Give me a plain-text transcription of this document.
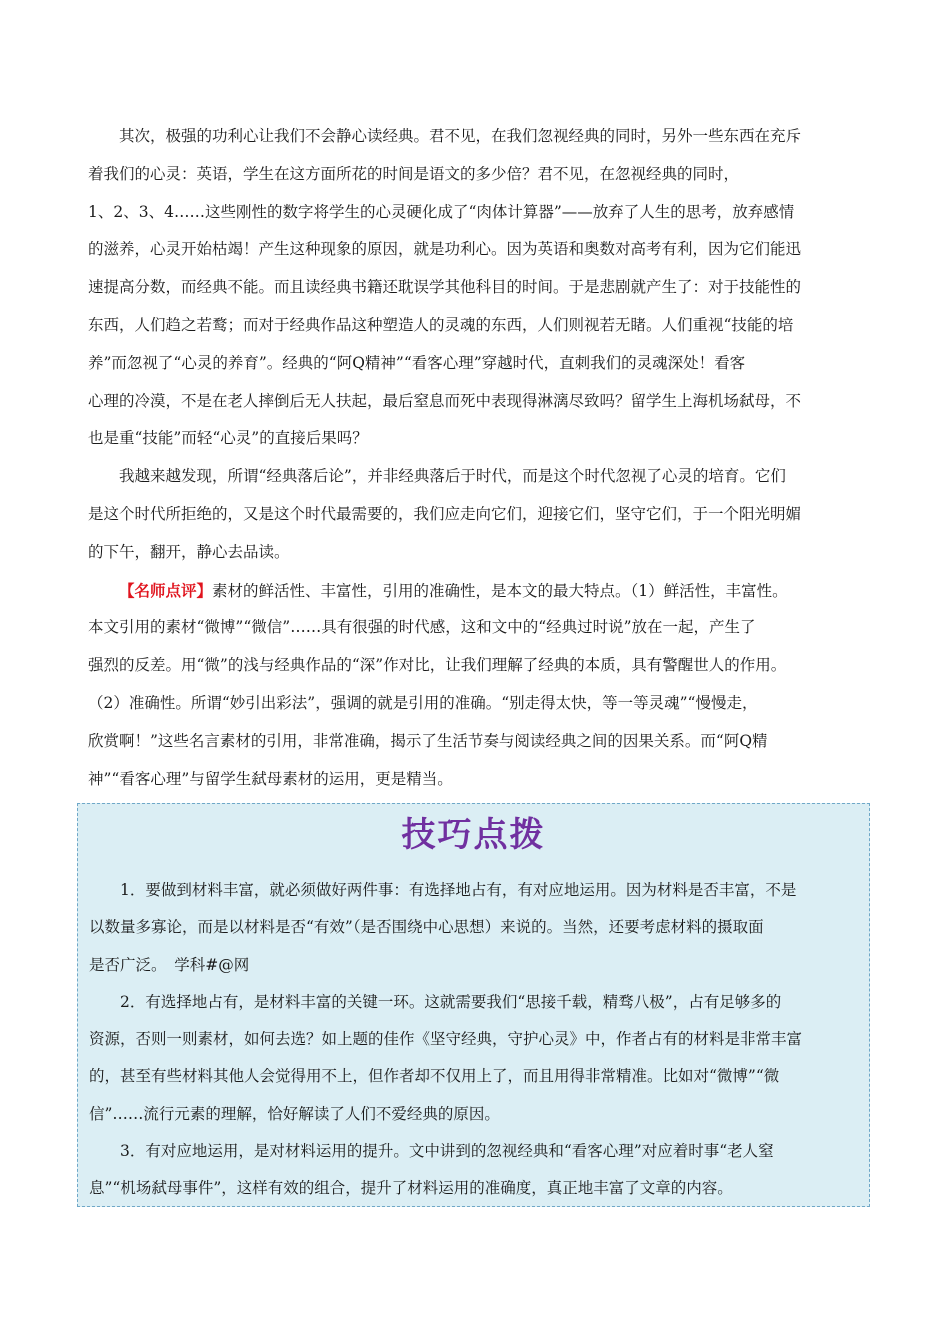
其次，极强的功利心让我们不会静心读经典。君不见，在我们忽视经典的同时，另外一些东西在充斥
着我们的心灵：英语，学生在这方面所花的时间是语文的多少倍？君不见，在忽视经典的同时，
1、2、3、4……这些刚性的数字将学生的心灵硬化成了“肉体计算器”——放弃了人生的思考，放弃感情
的滋养，心灵开始枯竭！产生这种现象的原因，就是功利心。因为英语和奥数对高考有利，因为它们能迅
速提高分数，而经典不能。而且读经典书籍还耽误学其他科目的时间。于是悲剧就产生了：对于技能性的
东西，人们趋之若鹜；而对于经典作品这种塑造人的灵魂的东西，人们则视若无睹。人们重视“技能的培
养”而忽视了“心灵的养育”。经典的“阿Q精神”“看客心理”穿越时代，直刺我们的灵魂深处！看客
心理的冷漠，不是在老人摔倒后无人扶起，最后窒息而死中表现得淋漓尽致吗？留学生上海机场弑母，不
也是重“技能”而轻“心灵”的直接后果吗？
我越来越发现，所谓“经典落后论”，并非经典落后于时代，而是这个时代忽视了心灵的培育。它们
是这个时代所拒绝的，又是这个时代最需要的，我们应走向它们，迎接它们，坚守它们，于一个阳光明媚
的下午，翻开，静心去品读。
【名师点评】素材的鲜活性、丰富性，引用的准确性，是本文的最大特点。（1）鲜活性，丰富性。
本文引用的素材“微博”“微信”……具有很强的时代感，这和文中的“经典过时说”放在一起，产生了
强烈的反差。用“微”的浅与经典作品的“深”作对比，让我们理解了经典的本质，具有警醒世人的作用。
（2）准确性。所谓“妙引出彩法”，强调的就是引用的准确。“别走得太快，等一等灵魂”“慢慢走，
欣赏啊！”这些名言素材的引用，非常准确，揭示了生活节奏与阅读经典之间的因果关系。而“阿Q精
神”“看客心理”与留学生弑母素材的运用，更是精当。
技巧点拨
1．要做到材料丰富，就必须做好两件事：有选择地占有，有对应地运用。因为材料是否丰富，不是
以数量多寡论，而是以材料是否“有效”（是否围绕中心思想）来说的。当然，还要考虑材料的摄取面
是否广泛。　学科#@网
2．有选择地占有，是材料丰富的关键一环。这就需要我们“思接千载，精骛八极”，占有足够多的
资源，否则一则素材，如何去选？如上题的佳作《坚守经典，守护心灵》中，作者占有的材料是非常丰富
的，甚至有些材料其他人会觉得用不上，但作者却不仅用上了，而且用得非常精准。比如对“微博”“微
信”……流行元素的理解，恰好解读了人们不爱经典的原因。
3．有对应地运用，是对材料运用的提升。文中讲到的忽视经典和“看客心理”对应着时事“老人窒
息”“机场弑母事件”，这样有效的组合，提升了材料运用的准确度，真正地丰富了文章的内容。
